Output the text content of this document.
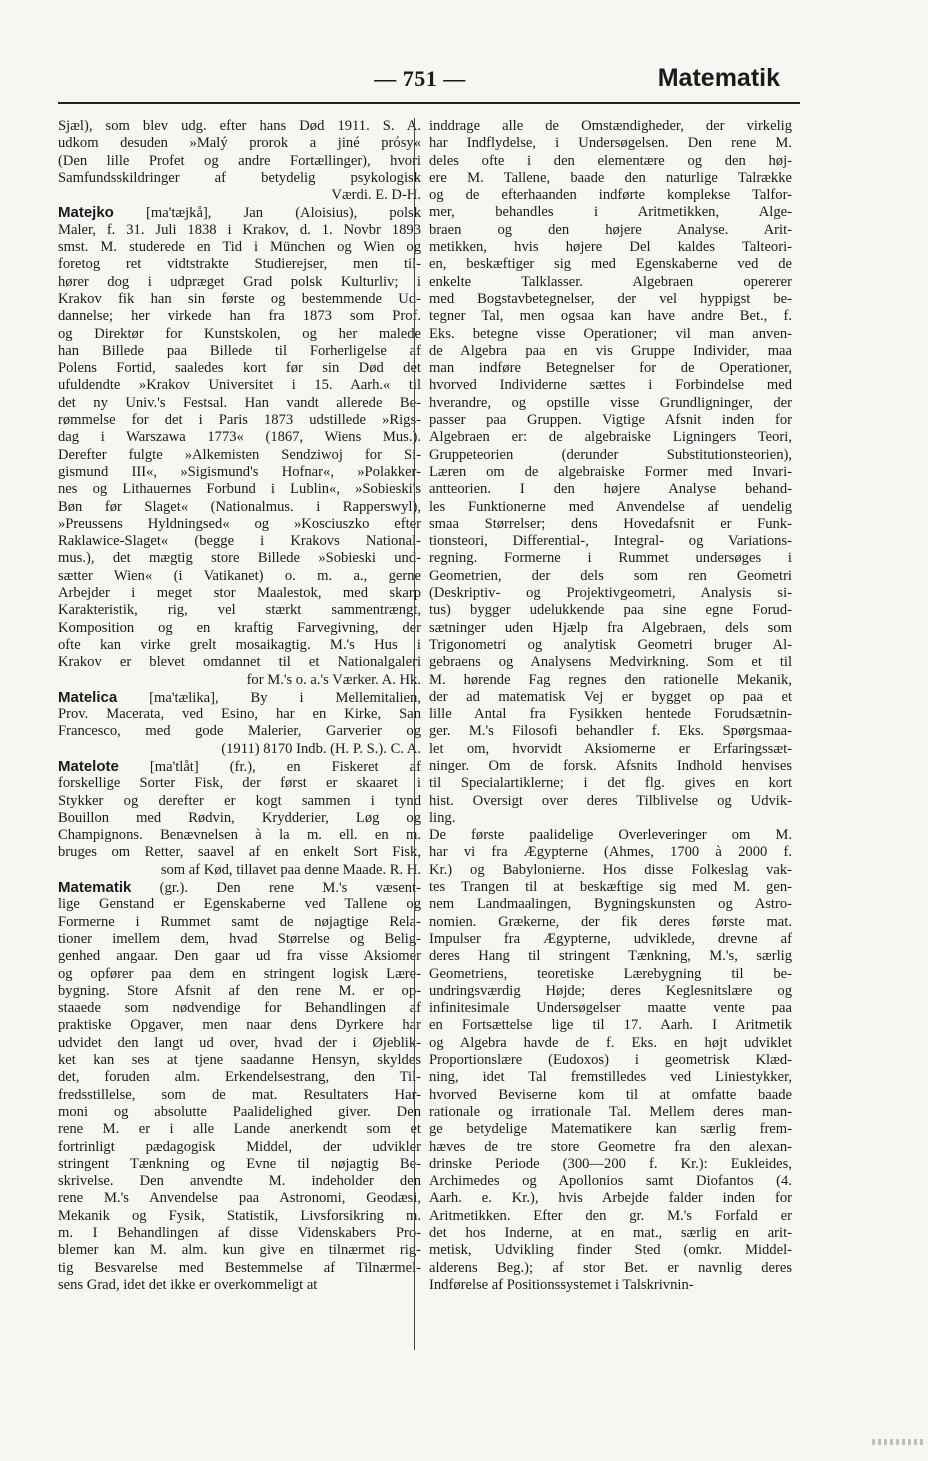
— 751 —	Matematik
Sjæl), som blev udg. efter hans Død 1911. S. A.
udkom desuden »Malý prorok a jiné prósy«
(Den lille Profet og andre Fortællinger), hvori
Samfundsskildringer af betydelig psykologisk
Værdi. E. D-H.
Matejko [ma'tæjkå], Jan (Aloisius), polsk
Maler, f. 31. Juli 1838 i Krakov, d. 1. Novbr 1893
smst. M. studerede en Tid i München og Wien og
foretog ret vidtstrakte Studierejser, men til-
hører dog i udpræget Grad polsk Kulturliv; i
Krakov fik han sin første og bestemmende Ud-
dannelse; her virkede han fra 1873 som Prof.
og Direktør for Kunstskolen, og her malede
han Billede paa Billede til Forherligelse af
Polens Fortid, saaledes kort før sin Død det
ufuldendte »Krakov Universitet i 15. Aarh.« til
det ny Univ.'s Festsal. Han vandt allerede Be-
rømmelse for det i Paris 1873 udstillede »Rigs-
dag i Warszawa 1773« (1867, Wiens Mus.).
Derefter fulgte »Alkemisten Sendziwoj for Si-
gismund III«, »Sigismund's Hofnar«, »Polakker-
nes og Lithauernes Forbund i Lublin«, »Sobieski's
Bøn før Slaget« (Nationalmus. i Rapperswyl),
»Preussens Hyldningsed« og »Kosciuszko efter
Raklawice-Slaget« (begge i Krakovs National-
mus.), det mægtig store Billede »Sobieski und-
sætter Wien« (i Vatikanet) o. m. a., gerne
Arbejder i meget stor Maalestok, med skarp
Karakteristik, rig, vel stærkt sammentrængt,
Komposition og en kraftig Farvegivning, der
ofte kan virke grelt mosaikagtig. M.'s Hus i
Krakov er blevet omdannet til et Nationalgaleri
for M.'s o. a.'s Værker. A. Hk.
Matelica [ma'tælika], By i Mellemitalien,
Prov. Macerata, ved Esino, har en Kirke, San
Francesco, med gode Malerier, Garverier og
(1911) 8170 Indb. (H. P. S.). C. A.
Matelote [ma'tlåt] (fr.), en Fiskeret af
forskellige Sorter Fisk, der først er skaaret i
Stykker og derefter er kogt sammen i tynd
Bouillon med Rødvin, Krydderier, Løg og
Champignons. Benævnelsen à la m. ell. en m.
bruges om Retter, saavel af en enkelt Sort Fisk,
som af Kød, tillavet paa denne Maade. R. H.
Matematik (gr.). Den rene M.'s væsent-
lige Genstand er Egenskaberne ved Tallene og
Formerne i Rummet samt de nøjagtige Rela-
tioner imellem dem, hvad Størrelse og Belig-
genhed angaar. Den gaar ud fra visse Aksiomer
og opfører paa dem en stringent logisk Lære-
bygning. Store Afsnit af den rene M. er op-
staaede som nødvendige for Behandlingen af
praktiske Opgaver, men naar dens Dyrkere har
udvidet den langt ud over, hvad der i Øjeblik-
ket kan ses at tjene saadanne Hensyn, skyldes
det, foruden alm. Erkendelsestrang, den Til-
fredsstillelse, som de mat. Resultaters Har-
moni og absolutte Paalidelighed giver. Den
rene M. er i alle Lande anerkendt som et
fortrinligt pædagogisk Middel, der udvikler
stringent Tænkning og Evne til nøjagtig Be-
skrivelse. Den anvendte M. indeholder den
rene M.'s Anvendelse paa Astronomi, Geodæsi,
Mekanik og Fysik, Statistik, Livsforsikring m.
m. I Behandlingen af disse Videnskabers Pro-
blemer kan M. alm. kun give en tilnærmet rig-
tig Besvarelse med Bestemmelse af Tilnærmel-
sens Grad, idet det ikke er overkommeligt at
inddrage alle de Omstændigheder, der virkelig
har Indflydelse, i Undersøgelsen. Den rene M.
deles ofte i den elementære og den høj-
ere M. Tallene, baade den naturlige Talrække
og de efterhaanden indførte komplekse Talfor-
mer, behandles i Aritmetikken, Alge-
braen og den højere Analyse. Arit-
metikken, hvis højere Del kaldes Talteori-
en, beskæftiger sig med Egenskaberne ved de
enkelte Talklasser. Algebraen opererer
med Bogstavbetegnelser, der vel hyppigst be-
tegner Tal, men ogsaa kan have andre Bet., f.
Eks. betegne visse Operationer; vil man anven-
de Algebra paa en vis Gruppe Individer, maa
man indføre Betegnelser for de Operationer,
hvorved Individerne sættes i Forbindelse med
hverandre, og opstille visse Grundligninger, der
passer paa Gruppen. Vigtige Afsnit inden for
Algebraen er: de algebraiske Ligningers Teori,
Gruppeteorien (derunder Substitutionsteorien),
Læren om de algebraiske Former med Invari-
antteorien. I den højere Analyse behand-
les Funktionerne med Anvendelse af uendelig
smaa Størrelser; dens Hovedafsnit er Funk-
tionsteori, Differential-, Integral- og Variations-
regning. Formerne i Rummet undersøges i
Geometrien, der dels som ren Geometri
(Deskriptiv- og Projektivgeometri, Analysis si-
tus) bygger udelukkende paa sine egne Forud-
sætninger uden Hjælp fra Algebraen, dels som
Trigonometri og analytisk Geometri bruger Al-
gebraens og Analysens Medvirkning. Som et til
M. hørende Fag regnes den rationelle Mekanik,
der ad matematisk Vej er bygget op paa et
lille Antal fra Fysikken hentede Forudsætnin-
ger. M.'s Filosofi behandler f. Eks. Spørgsmaa-
let om, hvorvidt Aksiomerne er Erfaringssæt-
ninger. Om de forsk. Afsnits Indhold henvises
til Specialartiklerne; i det flg. gives en kort
hist. Oversigt over deres Tilblivelse og Udvik-
ling.
De første paalidelige Overleveringer om M.
har vi fra Ægypterne (Ahmes, 1700 à 2000 f.
Kr.) og Babylonierne. Hos disse Folkeslag vak-
tes Trangen til at beskæftige sig med M. gen-
nem Landmaalingen, Bygningskunsten og Astro-
nomien. Grækerne, der fik deres første mat.
Impulser fra Ægypterne, udviklede, drevne af
deres Hang til stringent Tænkning, M.'s, særlig
Geometriens, teoretiske Lærebygning til be-
undringsværdig Højde; deres Keglesnitslære og
infinitesimale Undersøgelser maatte vente paa
en Fortsættelse lige til 17. Aarh. I Aritmetik
og Algebra havde de f. Eks. en højt udviklet
Proportionslære (Eudoxos) i geometrisk Klæd-
ning, idet Tal fremstilledes ved Liniestykker,
hvorved Beviserne kom til at omfatte baade
rationale og irrationale Tal. Mellem deres man-
ge betydelige Matematikere kan særlig frem-
hæves de tre store Geometre fra den alexan-
drinske Periode (300—200 f. Kr.): Eukleides,
Archimedes og Apollonios samt Diofantos (4.
Aarh. e. Kr.), hvis Arbejde falder inden for
Aritmetikken. Efter den gr. M.'s Forfald er
det hos Inderne, at en mat., særlig en arit-
metisk, Udvikling finder Sted (omkr. Middel-
alderens Beg.); af stor Bet. er navnlig deres
Indførelse af Positionssystemet i Talskrivnin-
